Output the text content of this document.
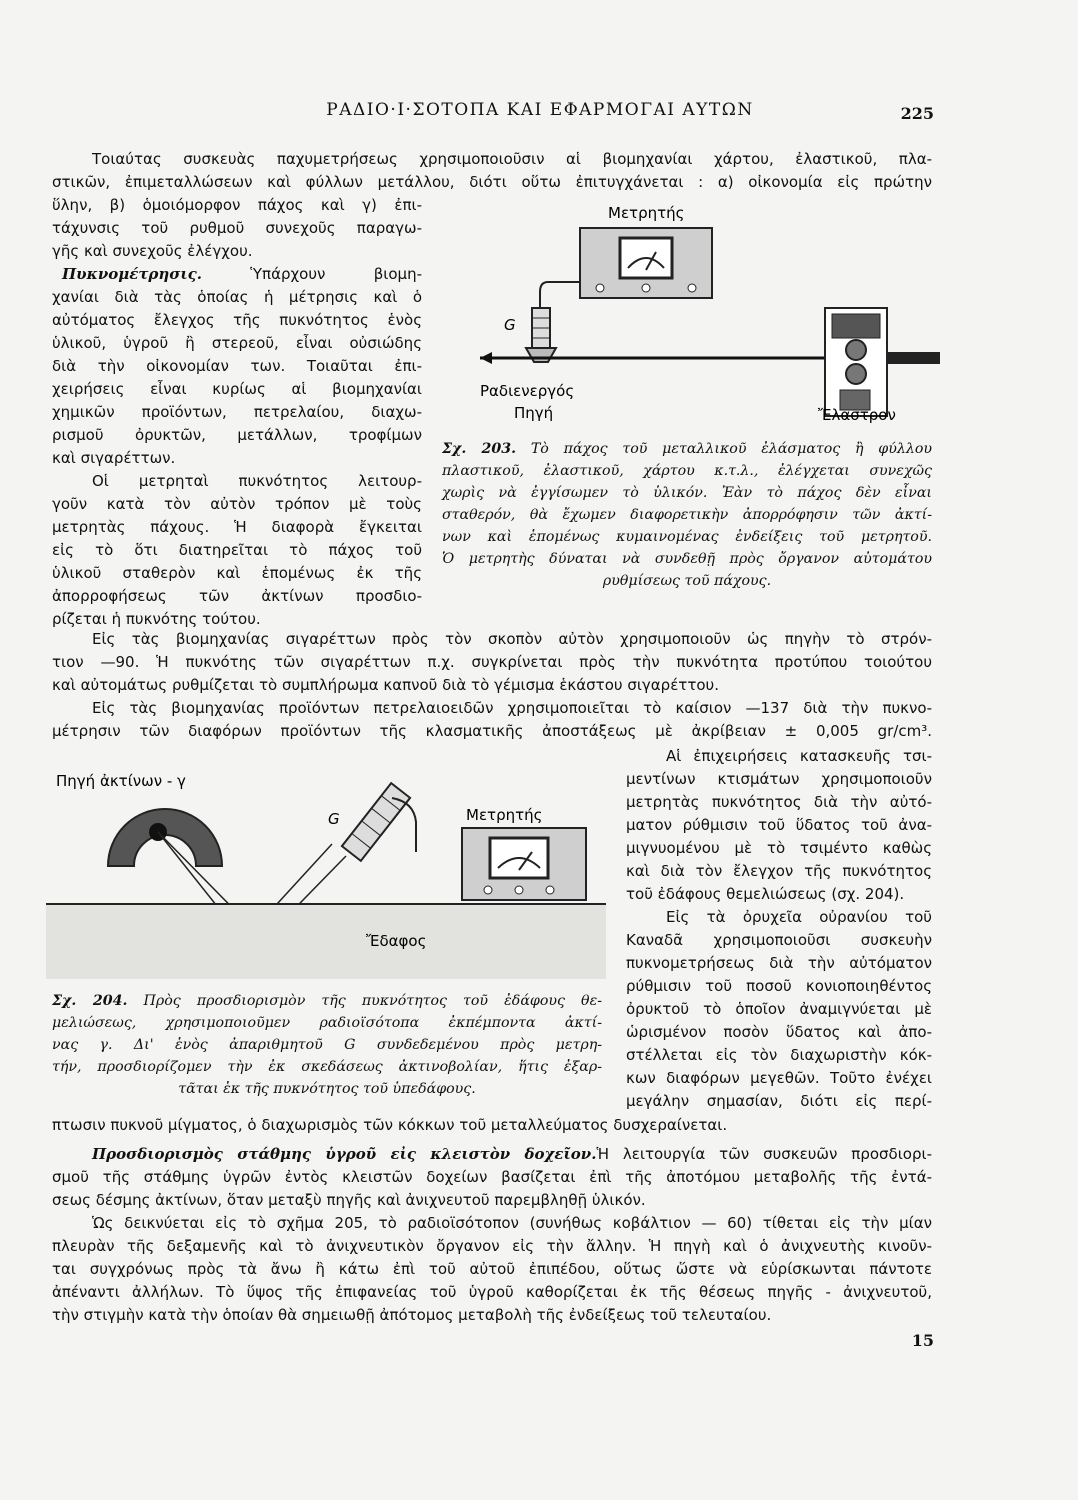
ΡΑΔΙΟ·Ι·ΣΟΤΟΠΑ ΚΑΙ ΕΦΑΡΜΟΓΑΙ ΑΥΤΩΝ	225
Τοιαύτας συσκευὰς παχυμετρήσεως χρησιμοποιοῦσιν αἱ βιομηχανίαι χάρτου, ἐλαστικοῦ, πλα-
στικῶν, ἐπιμεταλλώσεων καὶ φύλλων μετάλλου, διότι οὕτω ἐπιτυγχάνεται : α) οἰκονομία εἰς πρώτην
ὕλην, β) ὁμοιόμορφον πάχος καὶ γ) ἐπι-
τάχυνσις τοῦ ρυθμοῦ συνεχοῦς παραγω-
γῆς καὶ συνεχοῦς ἐλέγχου.
Πυκνομέτρησις. Ὑπάρχουν βιομη-
χανίαι διὰ τὰς ὁποίας ἡ μέτρησις καὶ ὁ
αὐτόματος ἔλεγχος τῆς πυκνότητος ἑνὸς
ὑλικοῦ, ὑγροῦ ἢ στερεοῦ, εἶναι οὐσιώδης
διὰ τὴν οἰκονομίαν των. Τοιαῦται ἐπι-
χειρήσεις εἶναι κυρίως αἱ βιομηχανίαι
χημικῶν προϊόντων, πετρελαίου, διαχω-
ρισμοῦ ὀρυκτῶν, μετάλλων, τροφίμων
καὶ σιγαρέττων.
Οἱ μετρηταὶ πυκνότητος λειτουρ-
γοῦν κατὰ τὸν αὐτὸν τρόπον μὲ τοὺς
μετρητὰς πάχους. Ἡ διαφορὰ ἔγκειται
εἰς τὸ ὅτι διατηρεῖται τὸ πάχος τοῦ
ὑλικοῦ σταθερὸν καὶ ἑπομένως ἐκ τῆς
ἀπορροφήσεως τῶν ἀκτίνων προσδιο-
ρίζεται ἡ πυκνότης τούτου.
Μετρητής
G
Ραδιενεργός
Πηγή	Ἔλαστρον
Σχ. 203. Τὸ πάχος τοῦ μεταλλικοῦ ἐλάσματος ἢ φύλλου
πλαστικοῦ, ἐλαστικοῦ, χάρτου κ.τ.λ., ἐλέγχεται συνεχῶς
χωρὶς νὰ ἐγγίσωμεν τὸ ὑλικόν. Ἐὰν τὸ πάχος δὲν εἶναι
σταθερόν, θὰ ἔχωμεν διαφορετικὴν ἀπορρόφησιν τῶν ἀκτί-
νων καὶ ἑπομένως κυμαινομένας ἐνδείξεις τοῦ μετρητοῦ.
Ὁ μετρητὴς δύναται νὰ συνδεθῇ πρὸς ὄργανον αὐτομάτου
ρυθμίσεως τοῦ πάχους.
Εἰς τὰς βιομηχανίας σιγαρέττων πρὸς τὸν σκοπὸν αὐτὸν χρησιμοποιοῦν ὡς πηγὴν τὸ στρόν-
τιον —90. Ἡ πυκνότης τῶν σιγαρέττων π.χ. συγκρίνεται πρὸς τὴν πυκνότητα προτύπου τοιούτου
καὶ αὐτομάτως ρυθμίζεται τὸ συμπλήρωμα καπνοῦ διὰ τὸ γέμισμα ἑκάστου σιγαρέττου.
Εἰς τὰς βιομηχανίας προϊόντων πετρελαιοειδῶν χρησιμοποιεῖται τὸ καίσιον —137 διὰ τὴν πυκνο-
μέτρησιν τῶν διαφόρων προϊόντων τῆς κλασματικῆς ἀποστάξεως μὲ ἀκρίβειαν ± 0,005 gr/cm³.
Πηγή ἀκτίνων - γ
G	Μετρητής
Ἔδαφος
Σχ. 204. Πρὸς προσδιορισμὸν τῆς πυκνότητος τοῦ ἐδάφους θε-
μελιώσεως, χρησιμοποιοῦμεν ραδιοϊσότοπα ἐκπέμποντα ἀκτί-
νας γ. Δι' ἑνὸς ἀπαριθμητοῦ G συνδεδεμένου πρὸς μετρη-
τήν, προσδιορίζομεν τὴν ἐκ σκεδάσεως ἀκτινοβολίαν, ἥτις ἐξαρ-
τᾶται ἐκ τῆς πυκνότητος τοῦ ὑπεδάφους.
Αἱ ἐπιχειρήσεις κατασκευῆς τσι-
μεντίνων κτισμάτων χρησιμοποιοῦν
μετρητὰς πυκνότητος διὰ τὴν αὐτό-
ματον ρύθμισιν τοῦ ὕδατος τοῦ ἀνα-
μιγνυομένου μὲ τὸ τσιμέντο καθὼς
καὶ διὰ τὸν ἔλεγχον τῆς πυκνότητος
τοῦ ἐδάφους θεμελιώσεως (σχ. 204).
Εἰς τὰ ὀρυχεῖα οὐρανίου τοῦ
Καναδᾶ χρησιμοποιοῦσι συσκευὴν
πυκνομετρήσεως διὰ τὴν αὐτόματον
ρύθμισιν τοῦ ποσοῦ κονιοποιηθέντος
ὀρυκτοῦ τὸ ὁποῖον ἀναμιγνύεται μὲ
ὡρισμένον ποσὸν ὕδατος καὶ ἀπο-
στέλλεται εἰς τὸν διαχωριστὴν κόκ-
κων διαφόρων μεγεθῶν. Τοῦτο ἐνέχει
μεγάλην σημασίαν, διότι εἰς περί-
πτωσιν πυκνοῦ μίγματος, ὁ διαχωρισμὸς τῶν κόκκων τοῦ μεταλλεύματος δυσχεραίνεται.
Προσδιορισμὸς στάθμης ὑγροῦ εἰς κλειστὸν δοχεῖον.Ἡ λειτουργία τῶν συσκευῶν προσδιορι-
σμοῦ τῆς στάθμης ὑγρῶν ἐντὸς κλειστῶν δοχείων βασίζεται ἐπὶ τῆς ἀποτόμου μεταβολῆς τῆς ἐντά-
σεως δέσμης ἀκτίνων, ὅταν μεταξὺ πηγῆς καὶ ἀνιχνευτοῦ παρεμβληθῇ ὑλικόν.
Ὡς δεικνύεται εἰς τὸ σχῆμα 205, τὸ ραδιοϊσότοπον (συνήθως κοβάλτιον — 60) τίθεται εἰς τὴν μίαν
πλευρὰν τῆς δεξαμενῆς καὶ τὸ ἀνιχνευτικὸν ὄργανον εἰς τὴν ἄλλην. Ἡ πηγὴ καὶ ὁ ἀνιχνευτὴς κινοῦν-
ται συγχρόνως πρὸς τὰ ἄνω ἢ κάτω ἐπὶ τοῦ αὐτοῦ ἐπιπέδου, οὕτως ὥστε νὰ εὑρίσκωνται πάντοτε
ἀπέναντι ἀλλήλων. Τὸ ὕψος τῆς ἐπιφανείας τοῦ ὑγροῦ καθορίζεται ἐκ τῆς θέσεως πηγῆς - ἀνιχνευτοῦ,
τὴν στιγμὴν κατὰ τὴν ὁποίαν θὰ σημειωθῇ ἀπότομος μεταβολὴ τῆς ἐνδείξεως τοῦ τελευταίου.
15
